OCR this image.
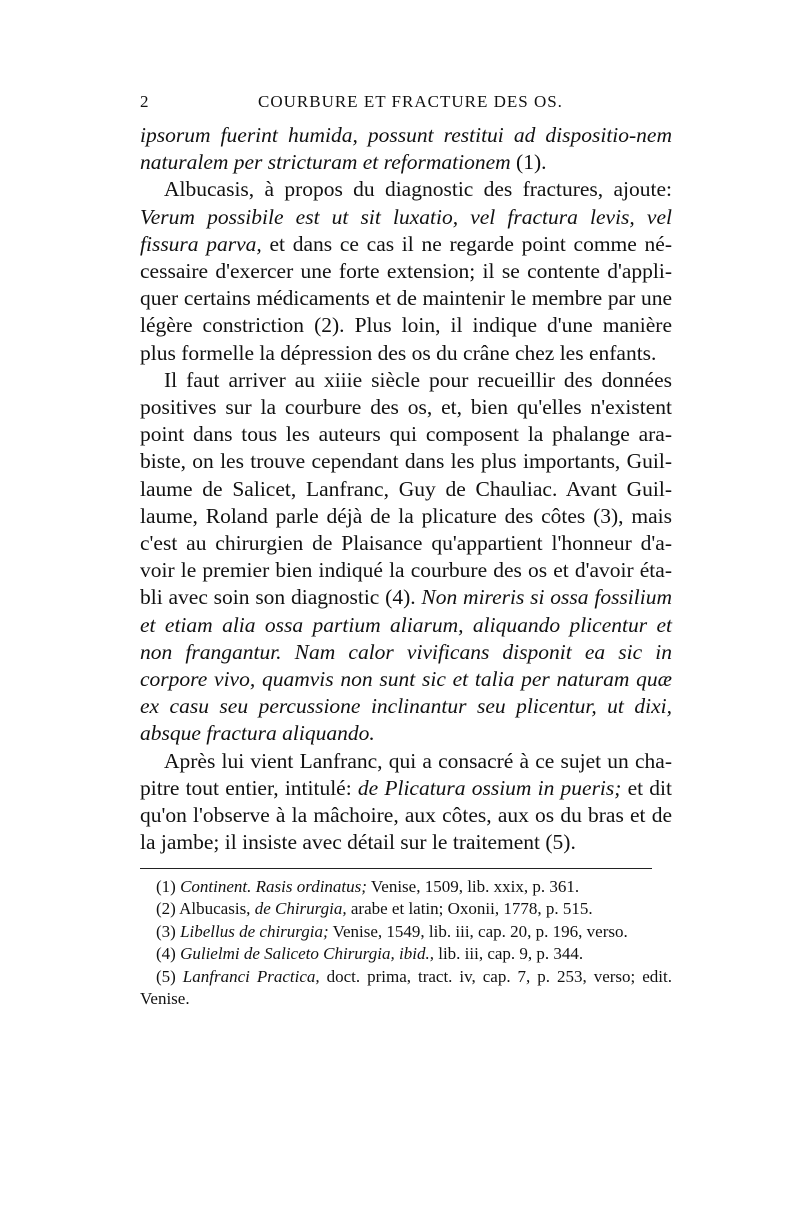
2	COURBURE ET FRACTURE DES OS.

ipsorum fuerint humida, possunt restitui ad dispositio-nem naturalem per stricturam et reformationem (1).

Albucasis, à propos du diagnostic des fractures, ajoute: Verum possibile est ut sit luxatio, vel fractura levis, vel fissura parva, et dans ce cas il ne regarde point comme né-cessaire d'exercer une forte extension; il se contente d'appli-quer certains médicaments et de maintenir le membre par une légère constriction (2). Plus loin, il indique d'une manière plus formelle la dépression des os du crâne chez les enfants.

Il faut arriver au xiiie siècle pour recueillir des données positives sur la courbure des os, et, bien qu'elles n'existent point dans tous les auteurs qui composent la phalange ara-biste, on les trouve cependant dans les plus importants, Guil-laume de Salicet, Lanfranc, Guy de Chauliac. Avant Guil-laume, Roland parle déjà de la plicature des côtes (3), mais c'est au chirurgien de Plaisance qu'appartient l'honneur d'a-voir le premier bien indiqué la courbure des os et d'avoir éta-bli avec soin son diagnostic (4). Non mireris si ossa fossilium et etiam alia ossa partium aliarum, aliquando plicentur et non frangantur. Nam calor vivificans disponit ea sic in corpore vivo, quamvis non sunt sic et talia per naturam quæ ex casu seu percussione inclinantur seu plicentur, ut dixi, absque fractura aliquando.

Après lui vient Lanfranc, qui a consacré à ce sujet un cha-pitre tout entier, intitulé: de Plicatura ossium in pueris; et dit qu'on l'observe à la mâchoire, aux côtes, aux os du bras et de la jambe; il insiste avec détail sur le traitement (5).

(1) Continent. Rasis ordinatus; Venise, 1509, lib. xxix, p. 361.

(2) Albucasis, de Chirurgia, arabe et latin; Oxonii, 1778, p. 515.

(3) Libellus de chirurgia; Venise, 1549, lib. iii, cap. 20, p. 196, verso.

(4) Gulielmi de Saliceto Chirurgia, ibid., lib. iii, cap. 9, p. 344.

(5) Lanfranci Practica, doct. prima, tract. iv, cap. 7, p. 253, verso; edit. Venise.
